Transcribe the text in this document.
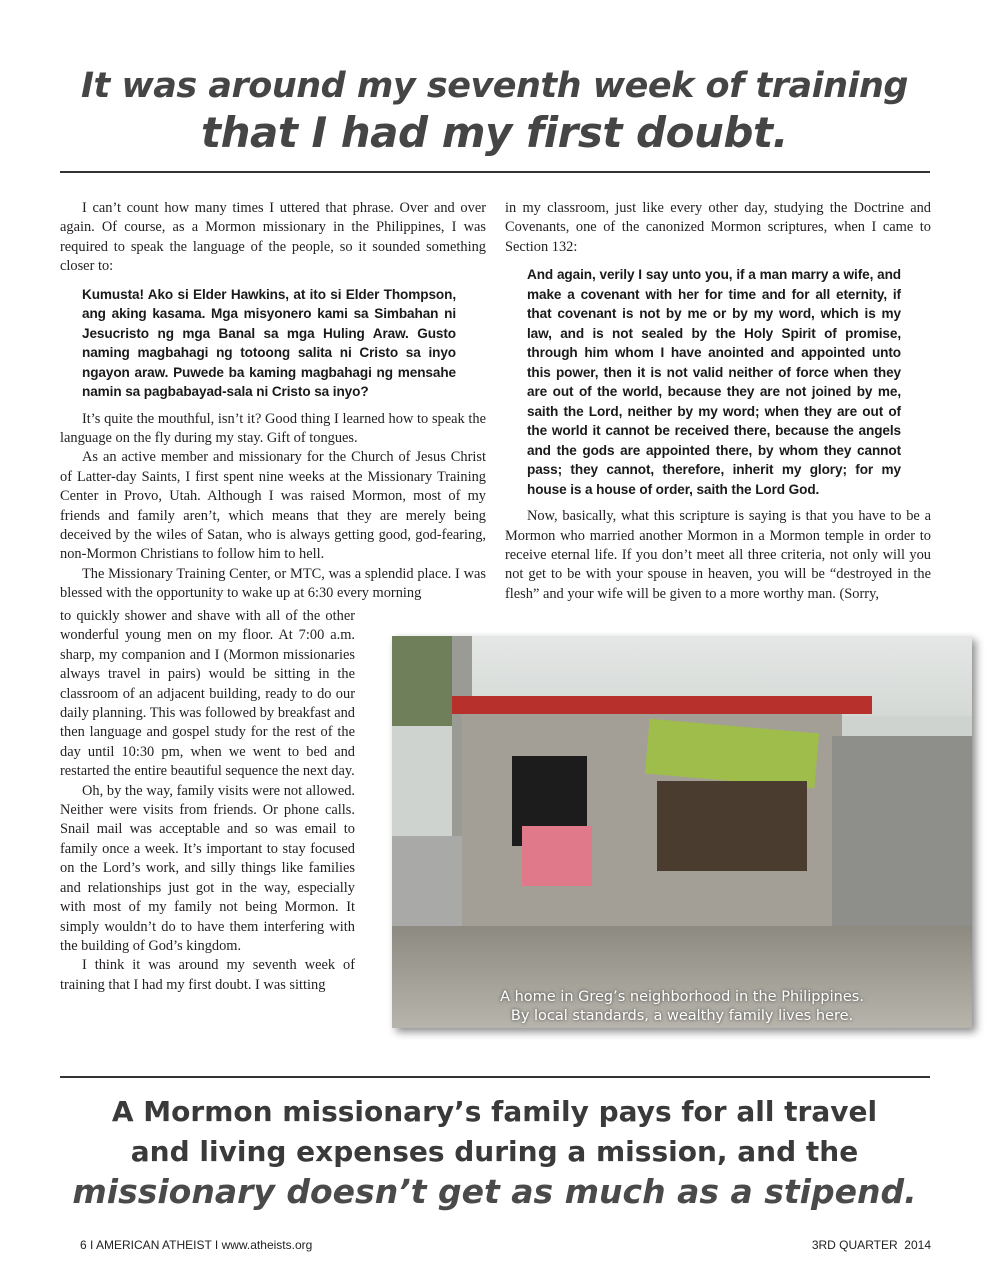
It was around my seventh week of training
that I had my first doubt.

I can’t count how many times I uttered that phrase. Over and over again. Of course, as a Mormon missionary in the Philippines, I was required to speak the language of the people, so it sounded something closer to:

Kumusta! Ako si Elder Hawkins, at ito si Elder Thompson, ang aking kasama. Mga misyonero kami sa Simbahan ni Jesucristo ng mga Banal sa mga Huling Araw. Gusto naming magbahagi ng totoong salita ni Cristo sa inyo ngayon araw. Puwede ba kaming magbahagi ng mensahe namin sa pagbabayad-sala ni Cristo sa inyo?

It’s quite the mouthful, isn’t it? Good thing I learned how to speak the language on the fly during my stay. Gift of tongues.

As an active member and missionary for the Church of Jesus Christ of Latter-day Saints, I first spent nine weeks at the Missionary Training Center in Provo, Utah. Although I was raised Mormon, most of my friends and family aren’t, which means that they are merely being deceived by the wiles of Satan, who is always getting good, god-fearing, non-Mormon Christians to follow him to hell.

The Missionary Training Center, or MTC, was a splendid place. I was blessed with the opportunity to wake up at 6:30 every morning

to quickly shower and shave with all of the other wonderful young men on my floor. At 7:00 a.m. sharp, my companion and I (Mormon missionaries always travel in pairs) would be sitting in the classroom of an adjacent building, ready to do our daily planning. This was followed by breakfast and then language and gospel study for the rest of the day until 10:30 pm, when we went to bed and restarted the entire beautiful sequence the next day.

Oh, by the way, family visits were not allowed. Neither were visits from friends. Or phone calls. Snail mail was acceptable and so was email to family once a week. It’s important to stay focused on the Lord’s work, and silly things like families and relationships just got in the way, especially with most of my family not being Mormon. It simply wouldn’t do to have them interfering with the building of God’s kingdom.

I think it was around my seventh week of training that I had my first doubt. I was sitting

in my classroom, just like every other day, studying the Doctrine and Covenants, one of the canonized Mormon scriptures, when I came to Section 132:

And again, verily I say unto you, if a man marry a wife, and make a covenant with her for time and for all eternity, if that covenant is not by me or by my word, which is my law, and is not sealed by the Holy Spirit of promise, through him whom I have anointed and appointed unto this power, then it is not valid neither of force when they are out of the world, because they are not joined by me, saith the Lord, neither by my word; when they are out of the world it cannot be received there, because the angels and the gods are appointed there, by whom they cannot pass; they cannot, therefore, inherit my glory; for my house is a house of order, saith the Lord God.

Now, basically, what this scripture is saying is that you have to be a Mormon who married another Mormon in a Mormon temple in order to receive eternal life. If you don’t meet all three criteria, not only will you not get to be with your spouse in heaven, you will be “destroyed in the flesh” and your wife will be given to a more worthy man. (Sorry,

A home in Greg’s neighborhood in the Philippines.
By local standards, a wealthy family lives here.
A Mormon missionary’s family pays for all travel
and living expenses during a mission, and the
missionary doesn’t get as much as a stipend.
6 I AMERICAN ATHEIST I www.atheists.org	3RD QUARTER  2014
